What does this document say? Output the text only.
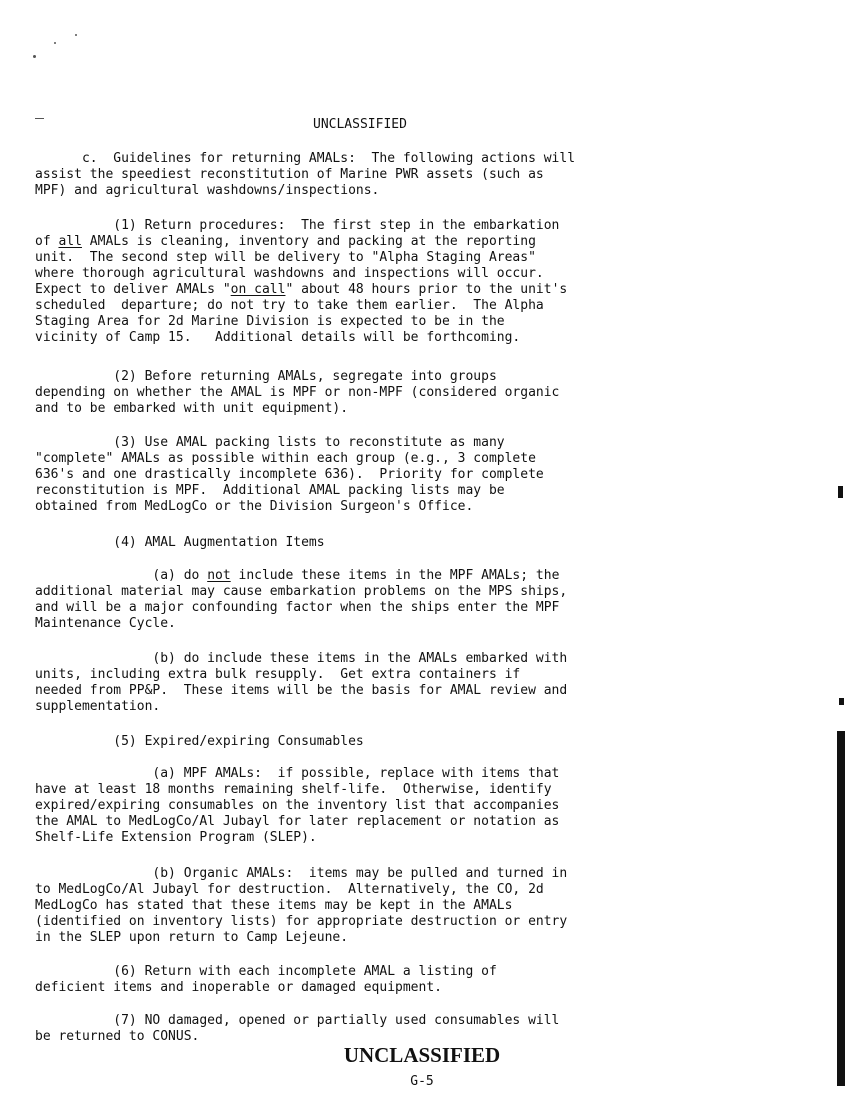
UNCLASSIFIED
c.  Guidelines for returning AMALs:  The following actions will
assist the speediest reconstitution of Marine PWR assets (such as
MPF) and agricultural washdowns/inspections.
(1) Return procedures:  The first step in the embarkation
of all AMALs is cleaning, inventory and packing at the reporting
unit.  The second step will be delivery to "Alpha Staging Areas"
where thorough agricultural washdowns and inspections will occur.
Expect to deliver AMALs "on call" about 48 hours prior to the unit's
scheduled  departure; do not try to take them earlier.  The Alpha
Staging Area for 2d Marine Division is expected to be in the
vicinity of Camp 15.   Additional details will be forthcoming.
(2) Before returning AMALs, segregate into groups
depending on whether the AMAL is MPF or non-MPF (considered organic
and to be embarked with unit equipment).
(3) Use AMAL packing lists to reconstitute as many
"complete" AMALs as possible within each group (e.g., 3 complete
636's and one drastically incomplete 636).  Priority for complete
reconstitution is MPF.  Additional AMAL packing lists may be
obtained from MedLogCo or the Division Surgeon's Office.
(4) AMAL Augmentation Items
(a) do not include these items in the MPF AMALs; the
additional material may cause embarkation problems on the MPS ships,
and will be a major confounding factor when the ships enter the MPF
Maintenance Cycle.
(b) do include these items in the AMALs embarked with
units, including extra bulk resupply.  Get extra containers if
needed from PP&P.  These items will be the basis for AMAL review and
supplementation.
(5) Expired/expiring Consumables
(a) MPF AMALs:  if possible, replace with items that
have at least 18 months remaining shelf-life.  Otherwise, identify
expired/expiring consumables on the inventory list that accompanies
the AMAL to MedLogCo/Al Jubayl for later replacement or notation as
Shelf-Life Extension Program (SLEP).
(b) Organic AMALs:  items may be pulled and turned in
to MedLogCo/Al Jubayl for destruction.  Alternatively, the CO, 2d
MedLogCo has stated that these items may be kept in the AMALs
(identified on inventory lists) for appropriate destruction or entry
in the SLEP upon return to Camp Lejeune.
(6) Return with each incomplete AMAL a listing of
deficient items and inoperable or damaged equipment.
(7) NO damaged, opened or partially used consumables will
be returned to CONUS.
UNCLASSIFIED
G-5
